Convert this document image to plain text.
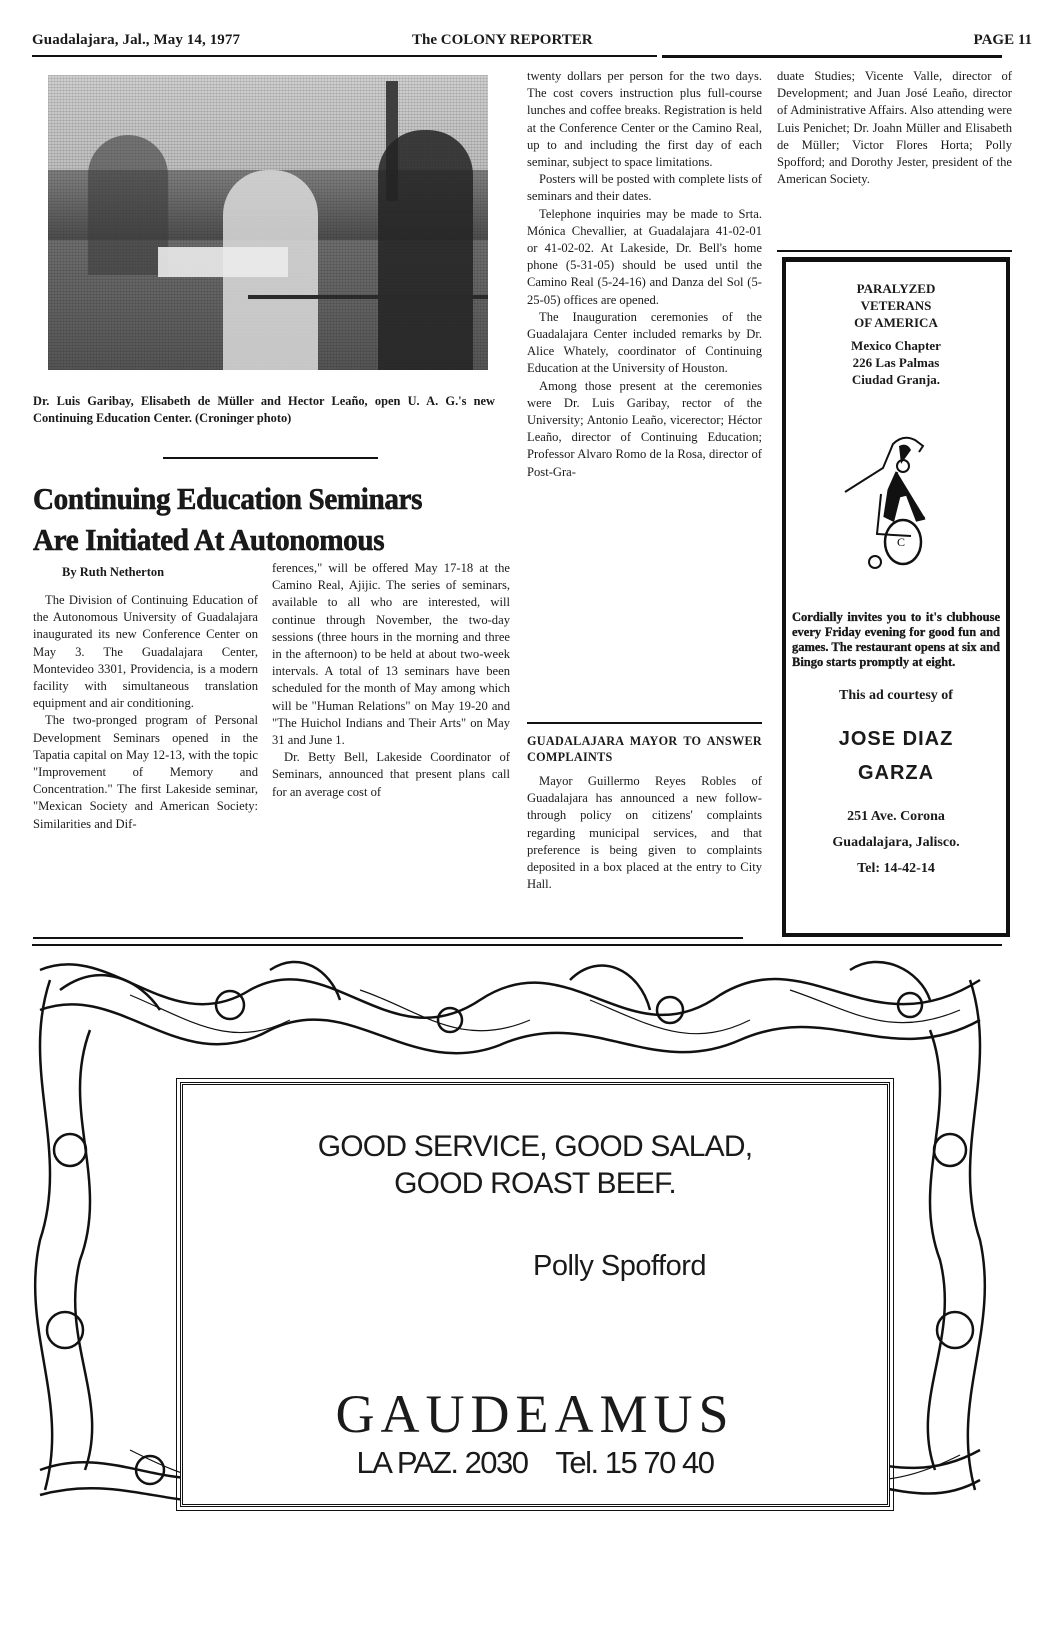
Guadalajara, Jal., May 14, 1977	The COLONY REPORTER	PAGE 11
Dr. Luis Garibay, Elisabeth de Müller and Hector Leaño, open U. A. G.'s new Continuing Education Center. (Croninger photo)
Continuing Education Seminars
Are Initiated At Autonomous
By Ruth Netherton

The Division of Continuing Education of the Autonomous University of Guadalajara inaugurated its new Conference Center on May 3. The Guadalajara Center, Montevideo 3301, Providencia, is a modern facility with simultaneous translation equipment and air conditioning.

The two-pronged program of Personal Development Seminars opened in the Tapatia capital on May 12-13, with the topic "Improvement of Memory and Concentration." The first Lakeside seminar, "Mexican Society and American Society: Similarities and Dif-

ferences," will be offered May 17-18 at the Camino Real, Ajijic. The series of seminars, available to all who are interested, will continue through November, the two-day sessions (three hours in the morning and three in the afternoon) to be held at about two-week intervals. A total of 13 seminars have been scheduled for the month of May among which will be "Human Relations" on May 19-20 and "The Huichol Indians and Their Arts" on May 31 and June 1.

Dr. Betty Bell, Lakeside Coordinator of Seminars, announced that present plans call for an average cost of

twenty dollars per person for the two days. The cost covers instruction plus full-course lunches and coffee breaks. Registration is held at the Conference Center or the Camino Real, up to and including the first day of each seminar, subject to space limitations.

Posters will be posted with complete lists of seminars and their dates.

Telephone inquiries may be made to Srta. Mónica Chevallier, at Guadalajara 41-02-01 or 41-02-02. At Lakeside, Dr. Bell's home phone (5-31-05) should be used until the Camino Real (5-24-16) and Danza del Sol (5-25-05) offices are opened.

The Inauguration ceremonies of the Guadalajara Center included remarks by Dr. Alice Whately, coordinator of Continuing Education at the University of Houston.

Among those present at the ceremonies were Dr. Luis Garibay, rector of the University; Antonio Leaño, vicerector; Héctor Leaño, director of Continuing Education; Professor Alvaro Romo de la Rosa, director of Post-Gra-

GUADALAJARA MAYOR TO ANSWER COMPLAINTS

Mayor Guillermo Reyes Robles of Guadalajara has announced a new follow-through policy on citizens' complaints regarding municipal services, and that preference is being given to complaints deposited in a box placed at the entry to City Hall.

duate Studies; Vicente Valle, director of Development; and Juan José Leaño, director of Administrative Affairs. Also attending were Luis Penichet; Dr. Joahn Müller and Elisabeth de Müller; Victor Flores Horta; Polly Spofford; and Dorothy Jester, president of the American Society.

PARALYZED
VETERANS
OF AMERICA
Mexico Chapter
226 Las Palmas
Ciudad Granja.
C
Cordially invites you to it's clubhouse every Friday evening for good fun and games. The restaurant opens at six and Bingo starts promptly at eight.
This ad courtesy of
JOSE DIAZ
GARZA
251 Ave. Corona
Guadalajara, Jalisco.
Tel: 14-42-14
GOOD SERVICE, GOOD SALAD,
GOOD ROAST BEEF.
Polly Spofford
GAUDEAMUS
LA PAZ. 2030    Tel. 15 70 40
